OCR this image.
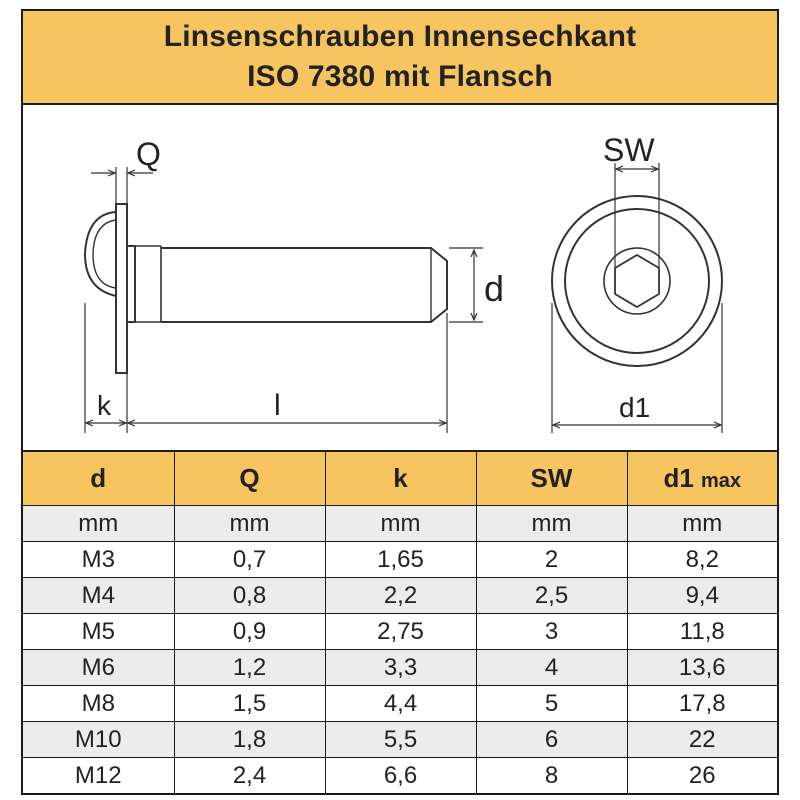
Linsenschrauben Innensechkant
ISO 7380 mit Flansch
Q
d
k	l
SW
d1
d	Q	k	SW	d1 max
mm	mm	mm	mm	mm
M3	0,7	1,65	2	8,2
M4	0,8	2,2	2,5	9,4
M5	0,9	2,75	3	11,8
M6	1,2	3,3	4	13,6
M8	1,5	4,4	5	17,8
M10	1,8	5,5	6	22
M12	2,4	6,6	8	26
